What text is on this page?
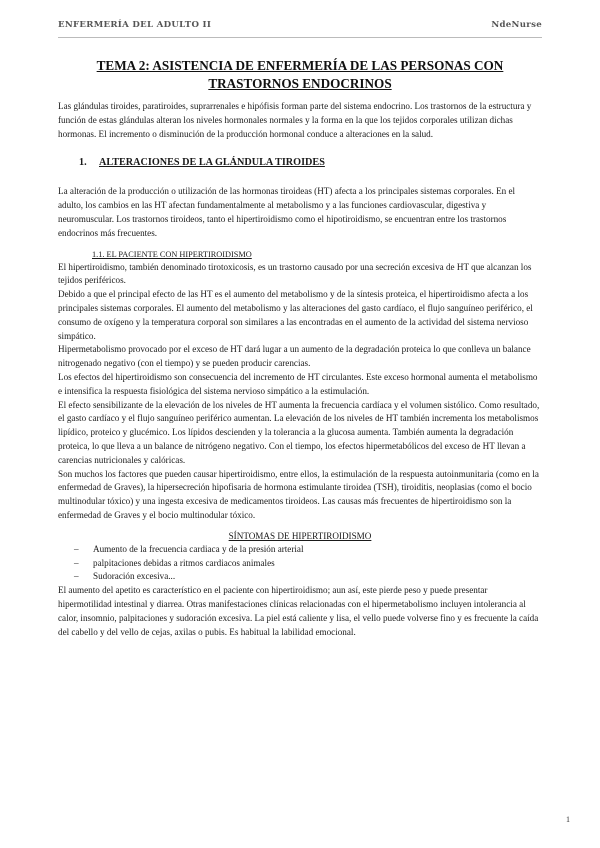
ENFERMERÍA DEL ADULTO II	NdeNurse
TEMA 2: ASISTENCIA DE ENFERMERÍA DE LAS PERSONAS CON
TRASTORNOS ENDOCRINOS

Las glándulas tiroides, paratiroides, suprarrenales e hipófisis forman parte del sistema endocrino. Los trastornos de la estructura y función de estas glándulas alteran los niveles hormonales normales y la forma en la que los tejidos corporales utilizan dichas hormonas. El incremento o disminución de la producción hormonal conduce a alteraciones en la salud.

1. ALTERACIONES DE LA GLÁNDULA TIROIDES

La alteración de la producción o utilización de las hormonas tiroideas (HT) afecta a los principales sistemas corporales. En el adulto, los cambios en las HT afectan fundamentalmente al metabolismo y a las funciones cardiovascular, digestiva y neuromuscular. Los trastornos tiroideos, tanto el hipertiroidismo como el hipotiroidismo, se encuentran entre los trastornos endocrinos más frecuentes.

1.1. EL PACIENTE CON HIPERTIROIDISMO

El hipertiroidismo, también denominado tirotoxicosis, es un trastorno causado por una secreción excesiva de HT que alcanzan los tejidos periféricos.

Debido a que el principal efecto de las HT es el aumento del metabolismo y de la síntesis proteica, el hipertiroidismo afecta a los principales sistemas corporales. El aumento del metabolismo y las alteraciones del gasto cardíaco, el flujo sanguíneo periférico, el consumo de oxígeno y la temperatura corporal son similares a las encontradas en el aumento de la actividad del sistema nervioso simpático.

Hipermetabolismo provocado por el exceso de HT dará lugar a un aumento de la degradación proteica lo que conlleva un balance nitrogenado negativo (con el tiempo) y se pueden producir carencias.

Los efectos del hipertiroidismo son consecuencia del incremento de HT circulantes. Este exceso hormonal aumenta el metabolismo e intensifica la respuesta fisiológica del sistema nervioso simpático a la estimulación.

El efecto sensibilizante de la elevación de los niveles de HT aumenta la frecuencia cardíaca y el volumen sistólico. Como resultado, el gasto cardíaco y el flujo sanguíneo periférico aumentan. La elevación de los niveles de HT también incrementa los metabolismos lipídico, proteico y glucémico. Los lípidos descienden y la tolerancia a la glucosa aumenta. También aumenta la degradación proteica, lo que lleva a un balance de nitrógeno negativo. Con el tiempo, los efectos hipermetabólicos del exceso de HT llevan a carencias nutricionales y calóricas.

Son muchos los factores que pueden causar hipertiroidismo, entre ellos, la estimulación de la respuesta autoinmunitaria (como en la enfermedad de Graves), la hipersecreción hipofisaria de hormona estimulante tiroidea (TSH), tiroiditis, neoplasias (como el bocio multinodular tóxico) y una ingesta excesiva de medicamentos tiroideos. Las causas más frecuentes de hipertiroidismo son la enfermedad de Graves y el bocio multinodular tóxico.

SÍNTOMAS DE HIPERTIROIDISMO
– Aumento de la frecuencia cardiaca y de la presión arterial
– palpitaciones debidas a ritmos cardiacos animales
– Sudoración excesiva...

El aumento del apetito es característico en el paciente con hipertiroidismo; aun así, este pierde peso y puede presentar hipermotilidad intestinal y diarrea. Otras manifestaciones clínicas relacionadas con el hipermetabolismo incluyen intolerancia al calor, insomnio, palpitaciones y sudoración excesiva. La piel está caliente y lisa, el vello puede volverse fino y es frecuente la caída del cabello y del vello de cejas, axilas o pubis. Es habitual la labilidad emocional.

1
